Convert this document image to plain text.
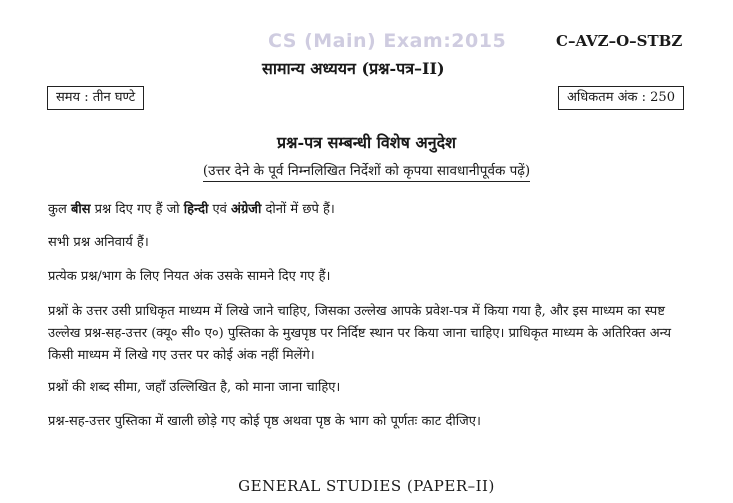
CS (Main) Exam:2015	C–AVZ–O–STBZ
सामान्य अध्ययन (प्रश्न-पत्र–II)
समय : तीन घण्टे	अधिकतम अंक : 250
प्रश्न-पत्र सम्बन्धी विशेष अनुदेश
(उत्तर देने के पूर्व निम्नलिखित निर्देशों को कृपया सावधानीपूर्वक पढ़ें)
कुल बीस प्रश्न दिए गए हैं जो हिन्दी एवं अंग्रेजी दोनों में छपे हैं।
सभी प्रश्न अनिवार्य हैं।
प्रत्येक प्रश्न/भाग के लिए नियत अंक उसके सामने दिए गए हैं।
प्रश्नों के उत्तर उसी प्राधिकृत माध्यम में लिखे जाने चाहिए, जिसका उल्लेख आपके प्रवेश-पत्र में किया गया है, और इस माध्यम का स्पष्ट उल्लेख प्रश्न-सह-उत्तर (क्यू० सी० ए०) पुस्तिका के मुखपृष्ठ पर निर्दिष्ट स्थान पर किया जाना चाहिए। प्राधिकृत माध्यम के अतिरिक्त अन्य किसी माध्यम में लिखे गए उत्तर पर कोई अंक नहीं मिलेंगे।
प्रश्नों की शब्द सीमा, जहाँ उल्लिखित है, को माना जाना चाहिए।
प्रश्न-सह-उत्तर पुस्तिका में खाली छोड़े गए कोई पृष्ठ अथवा पृष्ठ के भाग को पूर्णतः काट दीजिए।
GENERAL STUDIES (PAPER–II)
